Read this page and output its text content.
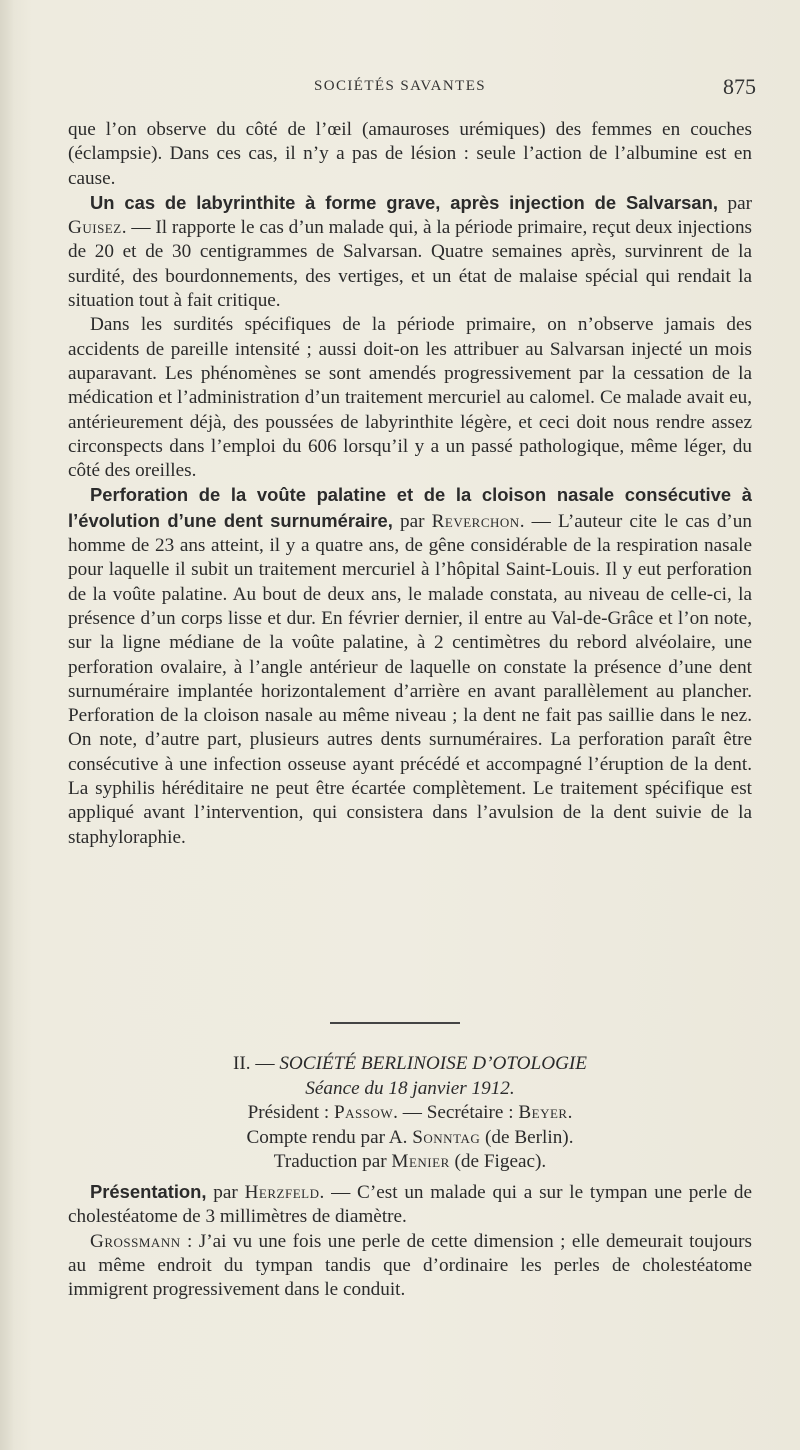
SOCIÉTÉS SAVANTES	875

que l’on observe du côté de l’œil (amauroses urémiques) des femmes en couches (éclampsie). Dans ces cas, il n’y a pas de lésion : seule l’action de l’albumine est en cause.

Un cas de labyrinthite à forme grave, après injection de Salvarsan, par Guisez. — Il rapporte le cas d’un malade qui, à la période primaire, reçut deux injections de 20 et de 30 centigrammes de Salvarsan. Quatre semaines après, survinrent de la surdité, des bourdonnements, des vertiges, et un état de malaise spécial qui rendait la situation tout à fait critique.

Dans les surdités spécifiques de la période primaire, on n’observe jamais des accidents de pareille intensité ; aussi doit-on les attribuer au Salvarsan injecté un mois auparavant. Les phénomènes se sont amendés progressivement par la cessation de la médication et l’administration d’un traitement mercuriel au calomel. Ce malade avait eu, antérieurement déjà, des poussées de labyrinthite légère, et ceci doit nous rendre assez circonspects dans l’emploi du 606 lorsqu’il y a un passé pathologique, même léger, du côté des oreilles.

Perforation de la voûte palatine et de la cloison nasale consécutive à l’évolution d’une dent surnuméraire, par Reverchon. — L’auteur cite le cas d’un homme de 23 ans atteint, il y a quatre ans, de gêne considérable de la respiration nasale pour laquelle il subit un traitement mercuriel à l’hôpital Saint-Louis. Il y eut perforation de la voûte palatine. Au bout de deux ans, le malade constata, au niveau de celle-ci, la présence d’un corps lisse et dur. En février dernier, il entre au Val-de-Grâce et l’on note, sur la ligne médiane de la voûte palatine, à 2 centimètres du rebord alvéolaire, une perforation ovalaire, à l’angle antérieur de laquelle on constate la présence d’une dent surnuméraire implantée horizontalement d’arrière en avant parallèlement au plancher. Perforation de la cloison nasale au même niveau ; la dent ne fait pas saillie dans le nez. On note, d’autre part, plusieurs autres dents surnuméraires. La perforation paraît être consécutive à une infection osseuse ayant précédé et accompagné l’éruption de la dent. La syphilis héréditaire ne peut être écartée complètement. Le traitement spécifique est appliqué avant l’intervention, qui consistera dans l’avulsion de la dent suivie de la staphyloraphie.

II. — SOCIÉTÉ BERLINOISE D’OTOLOGIE
Séance du 18 janvier 1912.
Président : Passow. — Secrétaire : Beyer.
Compte rendu par A. Sonntag (de Berlin).
Traduction par Menier (de Figeac).

Présentation, par Herzfeld. — C’est un malade qui a sur le tympan une perle de cholestéatome de 3 millimètres de diamètre.

Grossmann : J’ai vu une fois une perle de cette dimension ; elle demeurait toujours au même endroit du tympan tandis que d’ordinaire les perles de cholestéatome immigrent progressivement dans le conduit.
